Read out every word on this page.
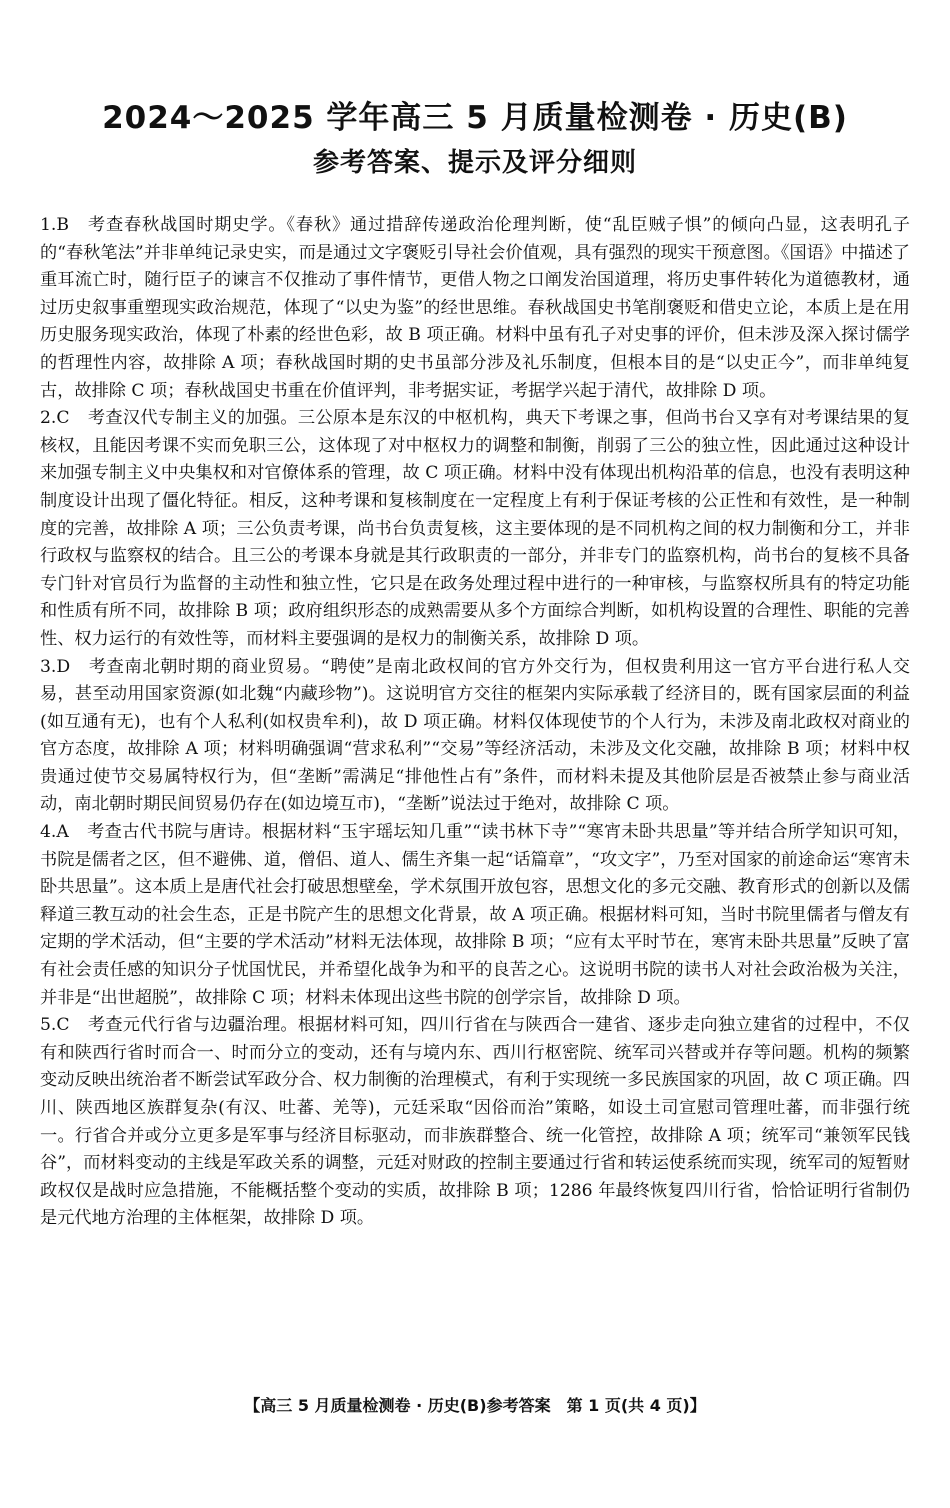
2024～2025 学年高三 5 月质量检测卷 · 历史(B)
参考答案、提示及评分细则

1.B 考查春秋战国时期史学。《春秋》通过措辞传递政治伦理判断，使“乱臣贼子惧”的倾向凸显，这表明孔子的“春秋笔法”并非单纯记录史实，而是通过文字褒贬引导社会价值观，具有强烈的现实干预意图。《国语》中描述了重耳流亡时，随行臣子的谏言不仅推动了事件情节，更借人物之口阐发治国道理，将历史事件转化为道德教材，通过历史叙事重塑现实政治规范，体现了“以史为鉴”的经世思维。春秋战国史书笔削褒贬和借史立论，本质上是在用历史服务现实政治，体现了朴素的经世色彩，故 B 项正确。材料中虽有孔子对史事的评价，但未涉及深入探讨儒学的哲理性内容，故排除 A 项；春秋战国时期的史书虽部分涉及礼乐制度，但根本目的是“以史正今”，而非单纯复古，故排除 C 项；春秋战国史书重在价值评判，非考据实证，考据学兴起于清代，故排除 D 项。

2.C 考查汉代专制主义的加强。三公原本是东汉的中枢机构，典天下考课之事，但尚书台又享有对考课结果的复核权，且能因考课不实而免职三公，这体现了对中枢权力的调整和制衡，削弱了三公的独立性，因此通过这种设计来加强专制主义中央集权和对官僚体系的管理，故 C 项正确。材料中没有体现出机构沿革的信息，也没有表明这种制度设计出现了僵化特征。相反，这种考课和复核制度在一定程度上有利于保证考核的公正性和有效性，是一种制度的完善，故排除 A 项；三公负责考课，尚书台负责复核，这主要体现的是不同机构之间的权力制衡和分工，并非行政权与监察权的结合。且三公的考课本身就是其行政职责的一部分，并非专门的监察机构，尚书台的复核不具备专门针对官员行为监督的主动性和独立性，它只是在政务处理过程中进行的一种审核，与监察权所具有的特定功能和性质有所不同，故排除 B 项；政府组织形态的成熟需要从多个方面综合判断，如机构设置的合理性、职能的完善性、权力运行的有效性等，而材料主要强调的是权力的制衡关系，故排除 D 项。

3.D 考查南北朝时期的商业贸易。“聘使”是南北政权间的官方外交行为，但权贵利用这一官方平台进行私人交易，甚至动用国家资源(如北魏“内藏珍物”)。这说明官方交往的框架内实际承载了经济目的，既有国家层面的利益(如互通有无)，也有个人私利(如权贵牟利)，故 D 项正确。材料仅体现使节的个人行为，未涉及南北政权对商业的官方态度，故排除 A 项；材料明确强调“营求私利”“交易”等经济活动，未涉及文化交融，故排除 B 项；材料中权贵通过使节交易属特权行为，但“垄断”需满足“排他性占有”条件，而材料未提及其他阶层是否被禁止参与商业活动，南北朝时期民间贸易仍存在(如边境互市)，“垄断”说法过于绝对，故排除 C 项。

4.A 考查古代书院与唐诗。根据材料“玉宇瑶坛知几重”“读书林下寺”“寒宵未卧共思量”等并结合所学知识可知，书院是儒者之区，但不避佛、道，僧侣、道人、儒生齐集一起“话篇章”，“攻文字”，乃至对国家的前途命运“寒宵未卧共思量”。这本质上是唐代社会打破思想壁垒，学术氛围开放包容，思想文化的多元交融、教育形式的创新以及儒释道三教互动的社会生态，正是书院产生的思想文化背景，故 A 项正确。根据材料可知，当时书院里儒者与僧友有定期的学术活动，但“主要的学术活动”材料无法体现，故排除 B 项；“应有太平时节在，寒宵未卧共思量”反映了富有社会责任感的知识分子忧国忧民，并希望化战争为和平的良苦之心。这说明书院的读书人对社会政治极为关注，并非是“出世超脱”，故排除 C 项；材料未体现出这些书院的创学宗旨，故排除 D 项。

5.C 考查元代行省与边疆治理。根据材料可知，四川行省在与陕西合一建省、逐步走向独立建省的过程中，不仅有和陕西行省时而合一、时而分立的变动，还有与境内东、西川行枢密院、统军司兴替或并存等问题。机构的频繁变动反映出统治者不断尝试军政分合、权力制衡的治理模式，有利于实现统一多民族国家的巩固，故 C 项正确。四川、陕西地区族群复杂(有汉、吐蕃、羌等)，元廷采取“因俗而治”策略，如设土司宣慰司管理吐蕃，而非强行统一。行省合并或分立更多是军事与经济目标驱动，而非族群整合、统一化管控，故排除 A 项；统军司“兼领军民钱谷”，而材料变动的主线是军政关系的调整，元廷对财政的控制主要通过行省和转运使系统而实现，统军司的短暂财政权仅是战时应急措施，不能概括整个变动的实质，故排除 B 项；1286 年最终恢复四川行省，恰恰证明行省制仍是元代地方治理的主体框架，故排除 D 项。

【高三 5 月质量检测卷 · 历史(B)参考答案　第 1 页(共 4 页)】
